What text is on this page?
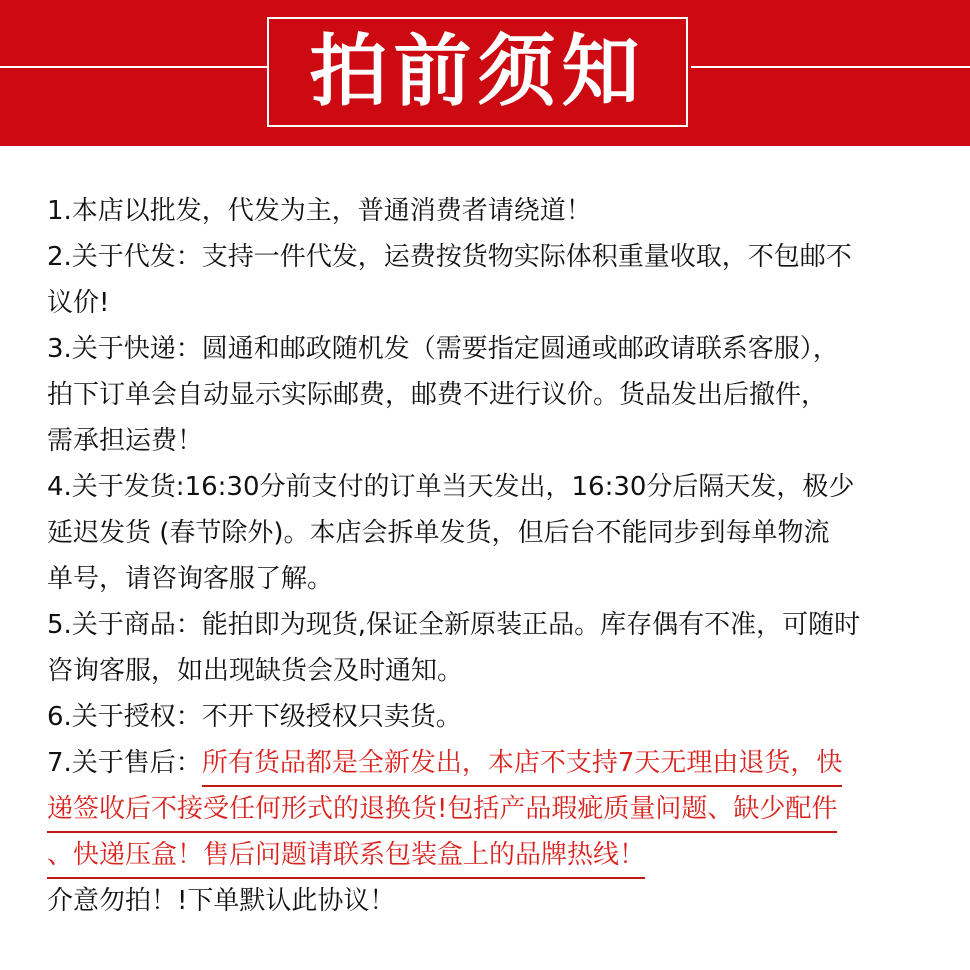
拍前须知
1.本店以批发，代发为主，普通消费者请绕道！
2.关于代发：支持一件代发，运费按货物实际体积重量收取，不包邮不
议价!
3.关于快递：圆通和邮政随机发（需要指定圆通或邮政请联系客服），
拍下订单会自动显示实际邮费，邮费不进行议价。货品发出后撤件，
需承担运费！
4.关于发货:16:30分前支付的订单当天发出，16:30分后隔天发，极少
延迟发货 (春节除外)。本店会拆单发货，但后台不能同步到每单物流
单号，请咨询客服了解。
5.关于商品：能拍即为现货,保证全新原装正品。库存偶有不准，可随时
咨询客服，如出现缺货会及时通知。
6.关于授权：不开下级授权只卖货。
7.关于售后：所有货品都是全新发出，本店不支持7天无理由退货，快
递签收后不接受任何形式的退换货!包括产品瑕疵质量问题、缺少配件
、快递压盒！售后问题请联系包装盒上的品牌热线！
介意勿拍！!下单默认此协议！
